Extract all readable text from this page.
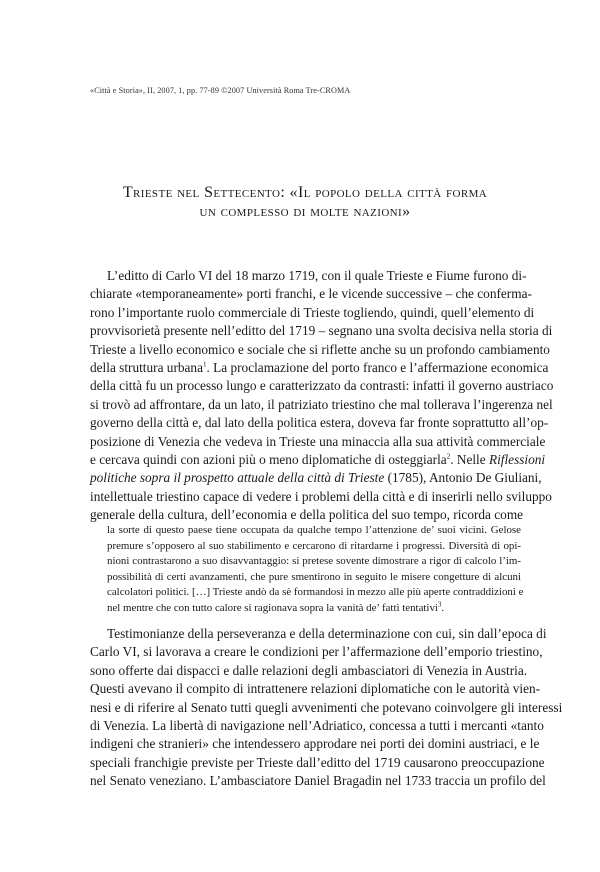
«Città e Storia», II, 2007, 1, pp. 77-89 ©2007 Università Roma Tre-CROMA
Trieste nel Settecento: «Il popolo della città forma
un complesso di molte nazioni»
L’editto di Carlo VI del 18 marzo 1719, con il quale Trieste e Fiume furono di-
chiarate «temporaneamente» porti franchi, e le vicende successive – che conferma-
rono l’importante ruolo commerciale di Trieste togliendo, quindi, quell’elemento di
provvisorietà presente nell’editto del 1719 – segnano una svolta decisiva nella storia di
Trieste a livello economico e sociale che si riflette anche su un profondo cambiamento
della struttura urbana$^1$. La proclamazione del porto franco e l’affermazione economica
della città fu un processo lungo e caratterizzato da contrasti: infatti il governo austriaco
si trovò ad affrontare, da un lato, il patriziato triestino che mal tollerava l’ingerenza nel
governo della città e, dal lato della politica estera, doveva far fronte soprattutto all’op-
posizione di Venezia che vedeva in Trieste una minaccia alla sua attività commerciale
e cercava quindi con azioni più o meno diplomatiche di osteggiarla$^2$. Nelle Riflessioni
politiche sopra il prospetto attuale della città di Trieste (1785), Antonio De Giuliani,
intellettuale triestino capace di vedere i problemi della città e di inserirli nello sviluppo
generale della cultura, dell’economia e della politica del suo tempo, ricorda come
la sorte di questo paese tiene occupata da qualche tempo l’attenzione de’ suoi vicini. Gelose
premure s’opposero al suo stabilimento e cercarono di ritardarne i progressi. Diversità di opi-
nioni contrastarono a suo disavvantaggio: si pretese sovente dimostrare a rigor di calcolo l’im-
possibilità di certi avanzamenti, che pure smentirono in seguito le misere congetture di alcuni
calcolatori politici. […] Trieste andò da sè formandosi in mezzo alle più aperte contraddizioni e
nel mentre che con tutto calore si ragionava sopra la vanità de’ fatti tentativi$^3$.
Testimonianze della perseveranza e della determinazione con cui, sin dall’epoca di
Carlo VI, si lavorava a creare le condizioni per l’affermazione dell’emporio triestino,
sono offerte dai dispacci e dalle relazioni degli ambasciatori di Venezia in Austria.
Questi avevano il compito di intrattenere relazioni diplomatiche con le autorità vien-
nesi e di riferire al Senato tutti quegli avvenimenti che potevano coinvolgere gli interessi
di Venezia. La libertà di navigazione nell’Adriatico, concessa a tutti i mercanti «tanto
indigeni che stranieri» che intendessero approdare nei porti dei domini austriaci, e le
speciali franchigie previste per Trieste dall’editto del 1719 causarono preoccupazione
nel Senato veneziano. L’ambasciatore Daniel Bragadin nel 1733 traccia un profilo del
